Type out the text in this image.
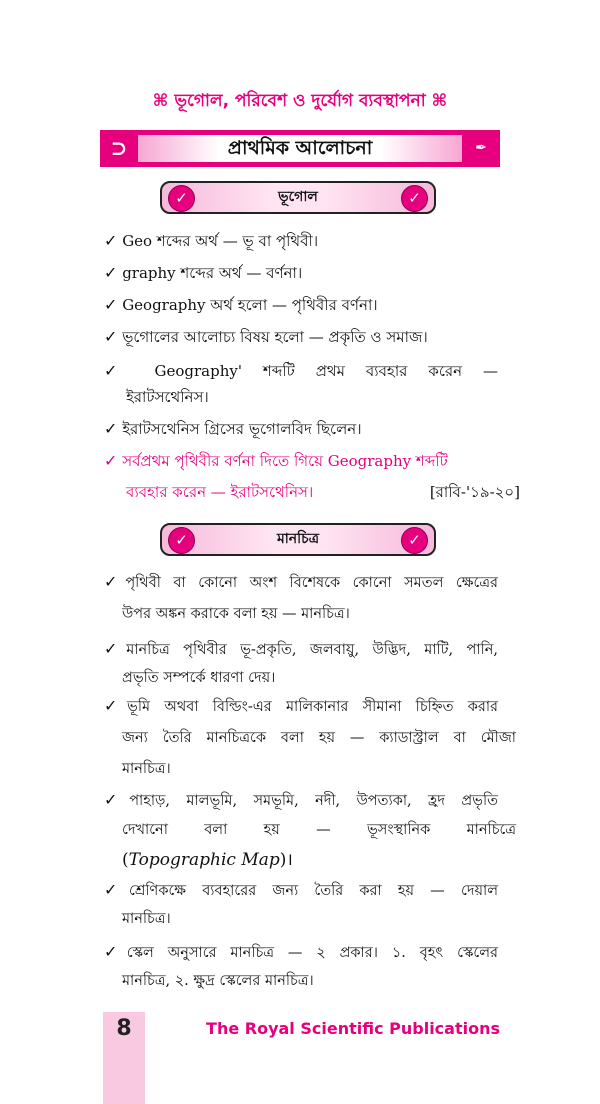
⌘ ভূগোল, পরিবেশ ও দুর্যোগ ব্যবস্থাপনা ⌘
⊃	প্রাথমিক আলোচনা	✒
✓	ভূগোল	✓
✓ Geo শব্দের অর্থ — ভূ বা পৃথিবী।
✓ graphy শব্দের অর্থ — বর্ণনা।
✓ Geography অর্থ হলো — পৃথিবীর বর্ণনা।
✓ ভূগোলের আলোচ্য বিষয় হলো — প্রকৃতি ও সমাজ।
✓ Geography' শব্দটি প্রথম ব্যবহার করেন —
ইরাটসথেনিস।
✓ ইরাটসথেনিস গ্রিসের ভূগোলবিদ ছিলেন।
✓ সর্বপ্রথম পৃথিবীর বর্ণনা দিতে গিয়ে Geography শব্দটি
ব্যবহার করেন — ইরাটসথেনিস।	[রাবি-'১৯-২০]
✓	মানচিত্র	✓
✓পৃথিবী বা কোনো অংশ বিশেষকে কোনো সমতল ক্ষেত্রের
উপর অঙ্কন করাকে বলা হয় — মানচিত্র।
✓মানচিত্র পৃথিবীর ভূ-প্রকৃতি, জলবায়ু, উদ্ভিদ, মাটি, পানি,
প্রভৃতি সম্পর্কে ধারণা দেয়।
✓ভূমি অথবা বিল্ডিং-এর মালিকানার সীমানা চিহ্নিত করার
জন্য তৈরি মানচিত্রকে বলা হয় — ক্যাডাস্ট্রাল বা মৌজা
মানচিত্র।
✓পাহাড়, মালভূমি, সমভূমি, নদী, উপত্যকা, হ্রদ প্রভৃতি
দেখানো বলা হয় — ভূসংস্থানিক মানচিত্রে
(Topographic Map)।
✓শ্রেণিকক্ষে ব্যবহারের জন্য তৈরি করা হয় — দেয়াল
মানচিত্র।
✓স্কেল অনুসারে মানচিত্র — ২ প্রকার। ১. বৃহৎ স্কেলের
মানচিত্র, ২. ক্ষুদ্র স্কেলের মানচিত্র।
8	The Royal Scientific Publications
